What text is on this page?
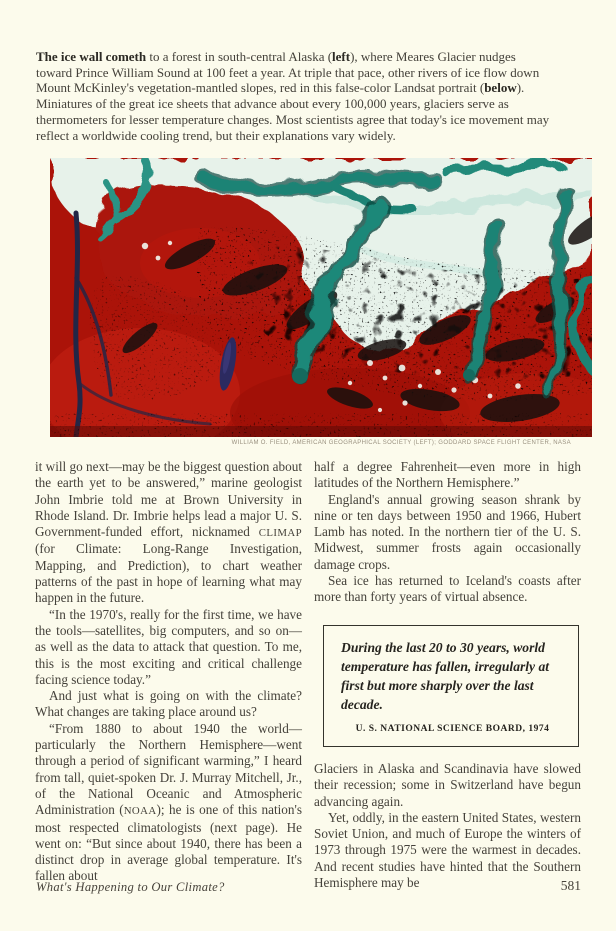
The ice wall cometh to a forest in south-central Alaska (left), where Meares Glacier nudges toward Prince William Sound at 100 feet a year. At triple that pace, other rivers of ice flow down Mount McKinley's vegetation-mantled slopes, red in this false-color Landsat portrait (below). Miniatures of the great ice sheets that advance about every 100,000 years, glaciers serve as thermometers for lesser temperature changes. Most scientists agree that today's ice movement may reflect a worldwide cooling trend, but their explanations vary widely.

WILLIAM O. FIELD, AMERICAN GEOGRAPHICAL SOCIETY (LEFT); GODDARD SPACE FLIGHT CENTER, NASA

it will go next—may be the biggest question about the earth yet to be answered,” marine geologist John Imbrie told me at Brown University in Rhode Island. Dr. Imbrie helps lead a major U. S. Government-funded effort, nicknamed CLIMAP (for Climate: Long-Range Investigation, Mapping, and Prediction), to chart weather patterns of the past in hope of learning what may happen in the future.

“In the 1970's, really for the first time, we have the tools—satellites, big computers, and so on—as well as the data to attack that question. To me, this is the most exciting and critical challenge facing science today.”

And just what is going on with the climate? What changes are taking place around us?

“From 1880 to about 1940 the world—particularly the Northern Hemisphere—went through a period of significant warming,” I heard from tall, quiet-spoken Dr. J. Murray Mitchell, Jr., of the National Oceanic and Atmospheric Administration (NOAA); he is one of this nation's most respected climatologists (next page). He went on: “But since about 1940, there has been a distinct drop in average global temperature. It's fallen about

half a degree Fahrenheit—even more in high latitudes of the Northern Hemisphere.”

England's annual growing season shrank by nine or ten days between 1950 and 1966, Hubert Lamb has noted. In the northern tier of the U. S. Midwest, summer frosts again occasionally damage crops.

Sea ice has returned to Iceland's coasts after more than forty years of virtual absence.

During the last 20 to 30 years, world temperature has fallen, irregularly at first but more sharply over the last decade.
U. S. NATIONAL SCIENCE BOARD, 1974

Glaciers in Alaska and Scandinavia have slowed their recession; some in Switzerland have begun advancing again.

Yet, oddly, in the eastern United States, western Soviet Union, and much of Europe the winters of 1973 through 1975 were the warmest in decades. And recent studies have hinted that the Southern Hemisphere may be

What's Happening to Our Climate?	581
